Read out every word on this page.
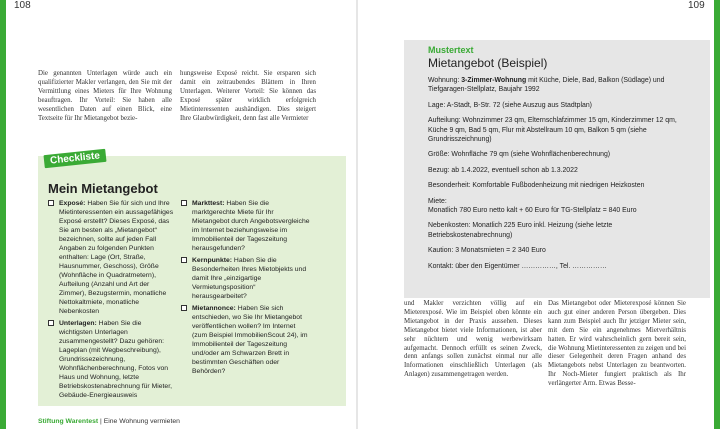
108	109
Die genannten Unterlagen würde auch ein qualifizierter Makler verlangen, den Sie mit der Vermittlung eines Mieters für Ihre Wohnung beauftragen. Ihr Vorteil: Sie haben alle wesentlichen Daten auf einen Blick, eine Textseite für Ihr Mietangebot bezie-
hungsweise Exposé reicht. Sie ersparen sich damit ein zeitraubendes Blättern in Ihren Unterlagen. Weiterer Vorteil: Sie können das Exposé später wirklich erfolgreich Mietinteressenten aushändigen. Dies steigert Ihre Glaubwürdigkeit, denn fast alle Vermieter
Checkliste
Mein Mietangebot
Exposé: Haben Sie für sich und Ihre Mietinteressenten ein aussagefähiges Exposé erstellt? Dieses Exposé, das Sie am besten als „Mietangebot“ bezeichnen, sollte auf jeden Fall Angaben zu folgenden Punkten enthalten: Lage (Ort, Straße, Hausnummer, Geschoss), Größe (Wohnfläche in Quadratmetern), Aufteilung (Anzahl und Art der Zimmer), Bezugstermin, monatliche Nettokaltmiete, monatliche Nebenkosten
Unterlagen: Haben Sie die wichtigsten Unterlagen zusammengestellt? Dazu gehören: Lageplan (mit Wegbeschreibung), Grundrissezeichnung, Wohnflächenberechnung, Fotos von Haus und Wohnung, letzte Betriebskostenabrechnung für Mieter, Gebäude-Energieausweis
Markttest: Haben Sie die marktgerechte Miete für Ihr Mietangebot durch Angebotsvergleiche im Internet beziehungsweise im Immobilienteil der Tageszeitung herausgefunden?
Kernpunkte: Haben Sie die Besonderheiten Ihres Mietobjekts und damit Ihre „einzigartige Vermietungsposition“ herausgearbeitet?
Mietannonce: Haben Sie sich entschieden, wo Sie Ihr Mietangebot veröffentlichen wollen? Im Internet (zum Beispiel ImmobilienScout 24), im Immobilienteil der Tageszeitung und/oder am Schwarzen Brett in bestimmten Geschäften oder Behörden?
Mustertext
Mietangebot (Beispiel)
Wohnung: 3-Zimmer-Wohnung mit Küche, Diele, Bad, Balkon (Südlage) und Tiefgaragen-Stellplatz, Baujahr 1992
Lage: A-Stadt, B-Str. 72 (siehe Auszug aus Stadtplan)
Aufteilung: Wohnzimmer 23 qm, Elternschlafzimmer 15 qm, Kinderzimmer 12 qm, Küche 9 qm, Bad 5 qm, Flur mit Abstellraum 10 qm, Balkon 5 qm (siehe Grundrisszeichnung)
Größe: Wohnfläche 79 qm (siehe Wohnflächenberechnung)
Bezug: ab 1.4.2022, eventuell schon ab 1.3.2022
Besonderheit: Komfortable Fußbodenheizung mit niedrigen Heizkosten
Miete:
Monatlich 780 Euro netto kalt + 60 Euro für TG-Stellplatz = 840 Euro
Nebenkosten: Monatlich 225 Euro inkl. Heizung (siehe letzte Betriebskostenabrechnung)
Kaution: 3 Monatsmieten = 2 340 Euro
Kontakt: über den Eigentümer ……………, Tel. ……………
und Makler verzichten völlig auf ein Mieterexposé. Wie im Beispiel oben könnte ein Mietangebot in der Praxis aussehen. Dieses Mietangebot bietet viele Informationen, ist aber sehr nüchtern und wenig werbewirksam aufgemacht. Dennoch erfüllt es seinen Zweck, denn anfangs sollen zunächst einmal nur alle Informationen einschließlich Unterlagen (als Anlagen) zusammengetragen werden.
Das Mietangebot oder Mieterexposé können Sie auch gut einer anderen Person übergeben. Dies kann zum Beispiel auch Ihr jetziger Mieter sein, mit dem Sie ein angenehmes Mietverhältnis hatten. Er wird wahrscheinlich gern bereit sein, die Wohnung Mietinteressenten zu zeigen und bei dieser Gelegenheit deren Fragen anhand des Mietangebots nebst Unterlagen zu beantworten. Ihr Noch-Mieter fungiert praktisch als Ihr verlängerter Arm. Etwas Besse-
Stiftung Warentest | Eine Wohnung vermieten
